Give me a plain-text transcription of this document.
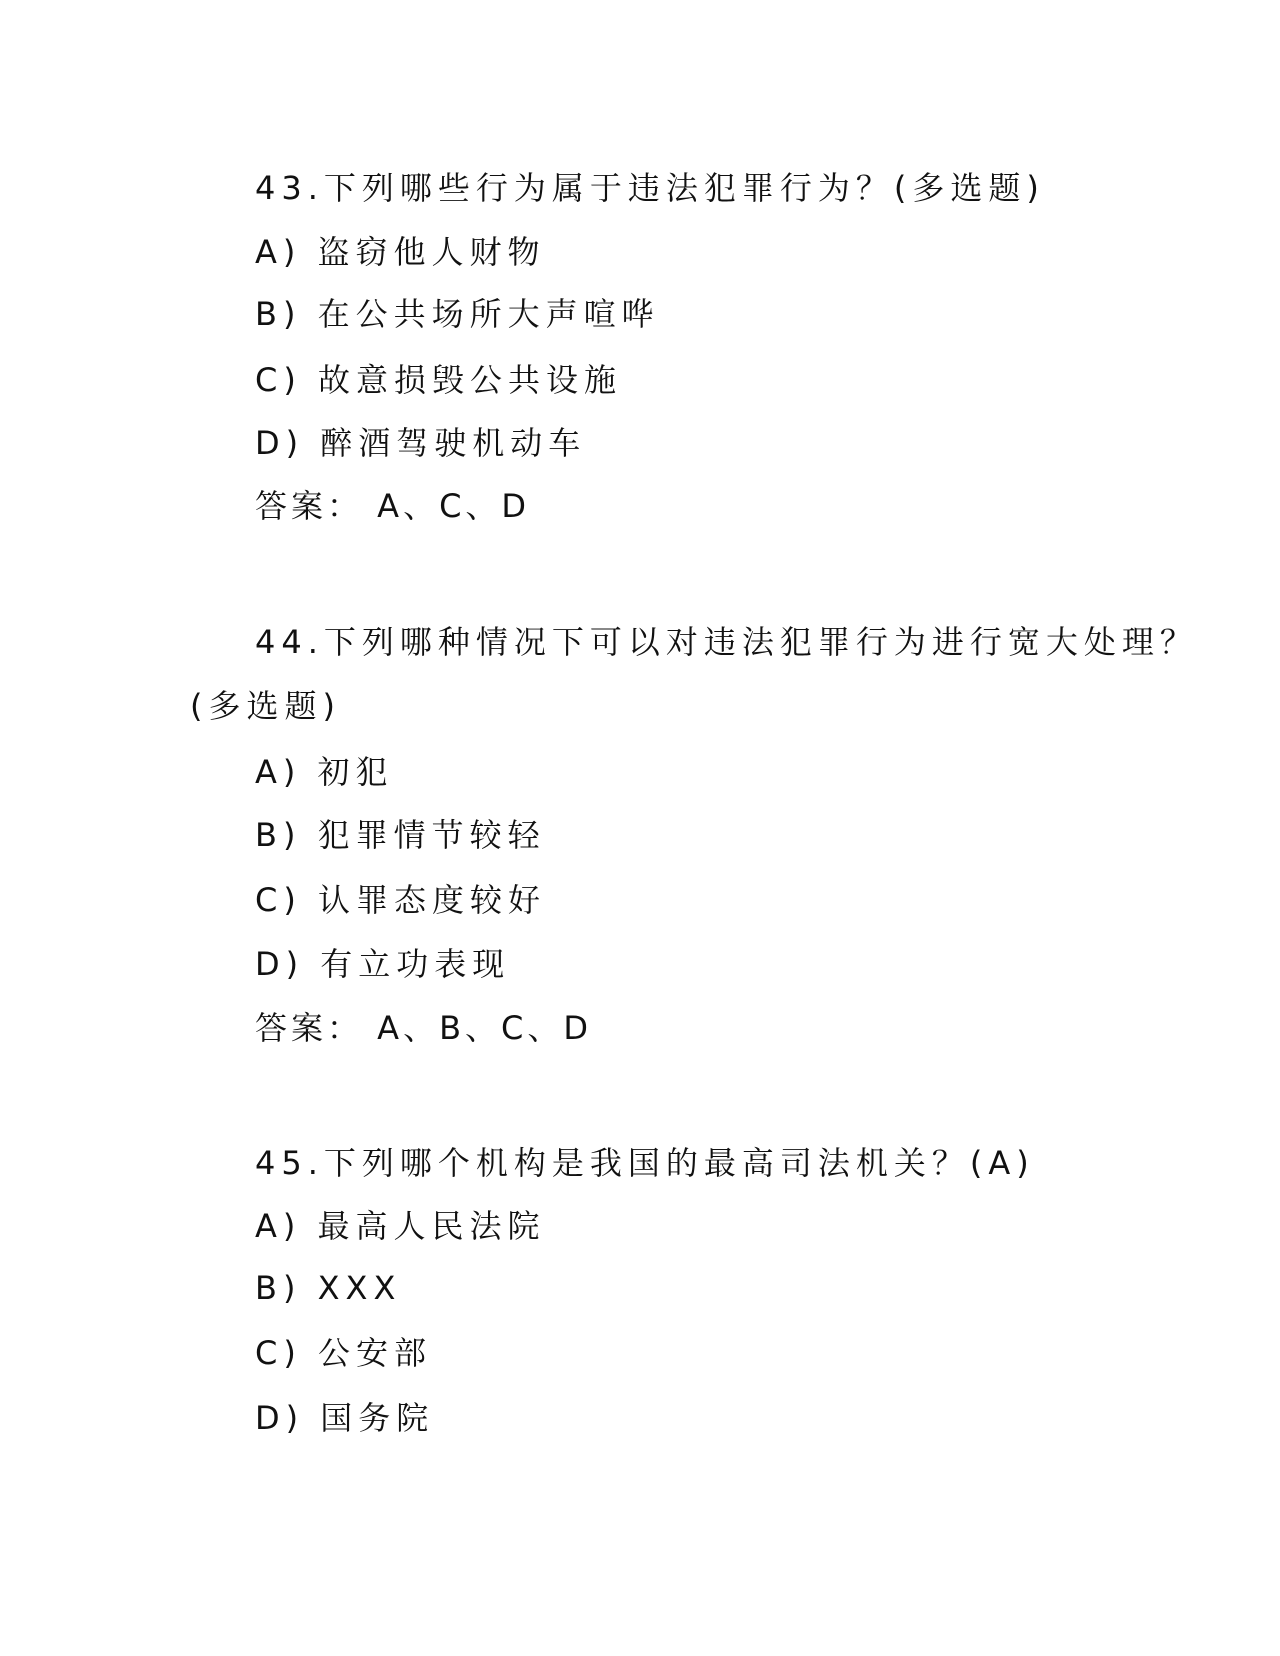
43.下列哪些行为属于违法犯罪行为？(多选题)
A) 盗窃他人财物
B) 在公共场所大声喧哗
C) 故意损毁公共设施
D) 醉酒驾驶机动车
答案： A、C、D
44.下列哪种情况下可以对违法犯罪行为进行宽大处理？
(多选题)
A) 初犯
B) 犯罪情节较轻
C) 认罪态度较好
D) 有立功表现
答案： A、B、C、D
45.下列哪个机构是我国的最高司法机关？(A)
A) 最高人民法院
B) XXX
C) 公安部
D) 国务院
